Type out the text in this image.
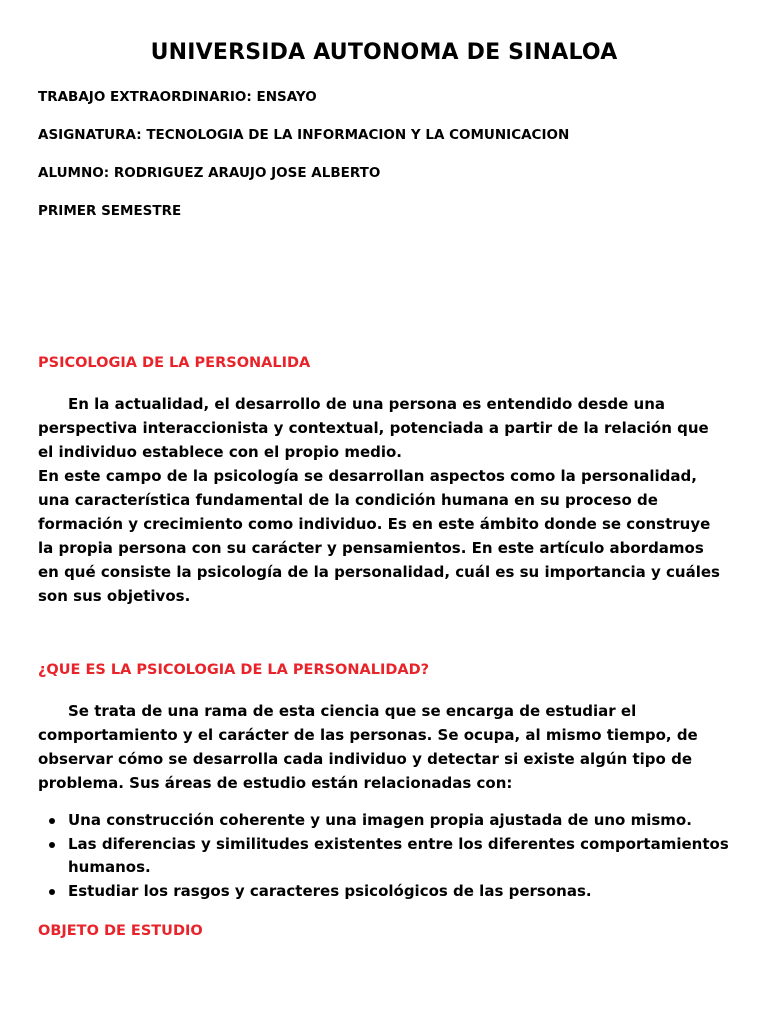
UNIVERSIDA AUTONOMA DE SINALOA
TRABAJO EXTRAORDINARIO: ENSAYO
ASIGNATURA: TECNOLOGIA DE LA INFORMACION Y LA COMUNICACION
ALUMNO: RODRIGUEZ ARAUJO JOSE ALBERTO
PRIMER SEMESTRE
PSICOLOGIA DE LA PERSONALIDA
En la actualidad, el desarrollo de una persona es entendido desde una perspectiva interaccionista y contextual, potenciada a partir de la relación que el individuo establece con el propio medio.
En este campo de la psicología se desarrollan aspectos como la personalidad, una característica fundamental de la condición humana en su proceso de formación y crecimiento como individuo. Es en este ámbito donde se construye la propia persona con su carácter y pensamientos. En este artículo abordamos en qué consiste la psicología de la personalidad, cuál es su importancia y cuáles son sus objetivos.
¿QUE ES LA PSICOLOGIA DE LA PERSONALIDAD?
Se trata de una rama de esta ciencia que se encarga de estudiar el comportamiento y el carácter de las personas. Se ocupa, al mismo tiempo, de observar cómo se desarrolla cada individuo y detectar si existe algún tipo de problema. Sus áreas de estudio están relacionadas con:
Una construcción coherente y una imagen propia ajustada de uno mismo.
Las diferencias y similitudes existentes entre los diferentes comportamientos humanos.
Estudiar los rasgos y caracteres psicológicos de las personas.
OBJETO DE ESTUDIO
